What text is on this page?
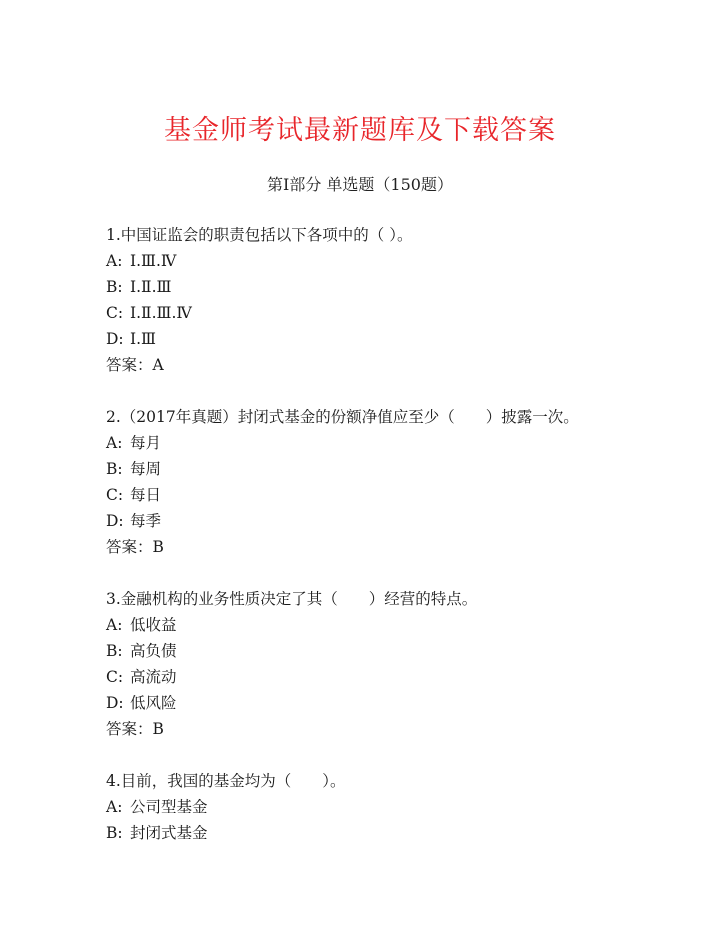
基金师考试最新题库及下载答案
第Ⅰ部分 单选题（150题）
1.中国证监会的职责包括以下各项中的（ ）。
A: Ⅰ.Ⅲ.Ⅳ
B: Ⅰ.Ⅱ.Ⅲ
C: Ⅰ.Ⅱ.Ⅲ.Ⅳ
D: Ⅰ.Ⅲ
答案：A
2.（2017年真题）封闭式基金的份额净值应至少（　　）披露一次。
A: 每月
B: 每周
C: 每日
D: 每季
答案：B
3.金融机构的业务性质决定了其（　　）经营的特点。
A: 低收益
B: 高负债
C: 高流动
D: 低风险
答案：B
4.目前，我国的基金均为（　　）。
A: 公司型基金
B: 封闭式基金
